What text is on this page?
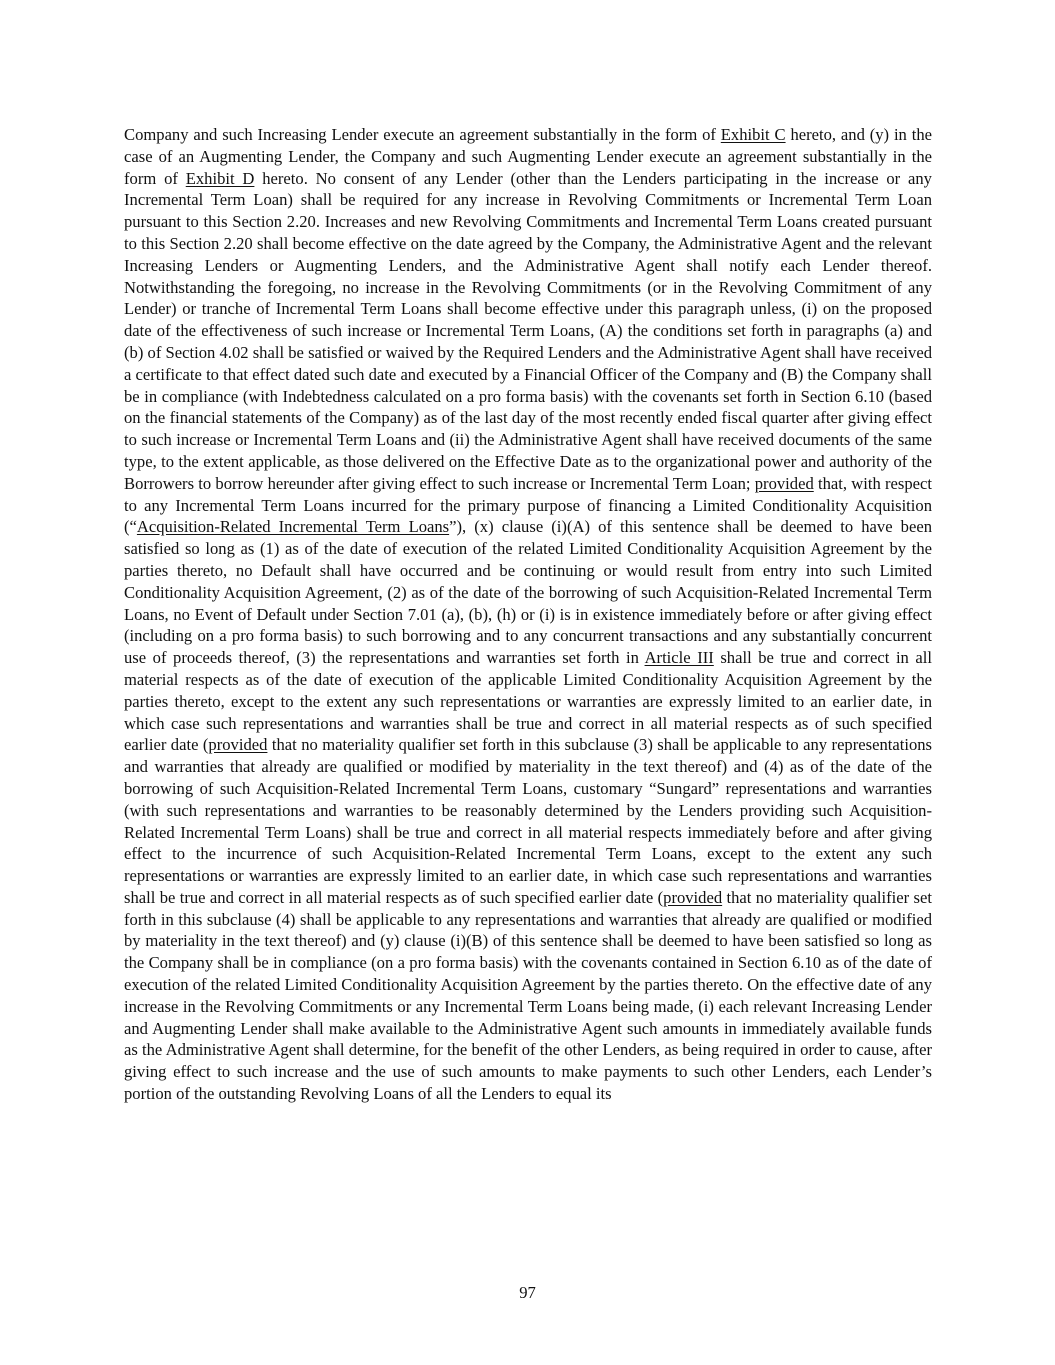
Company and such Increasing Lender execute an agreement substantially in the form of Exhibit C hereto, and (y) in the case of an Augmenting Lender, the Company and such Augmenting Lender execute an agreement substantially in the form of Exhibit D hereto. No consent of any Lender (other than the Lenders participating in the increase or any Incremental Term Loan) shall be required for any increase in Revolving Commitments or Incremental Term Loan pursuant to this Section 2.20. Increases and new Revolving Commitments and Incremental Term Loans created pursuant to this Section 2.20 shall become effective on the date agreed by the Company, the Administrative Agent and the relevant Increasing Lenders or Augmenting Lenders, and the Administrative Agent shall notify each Lender thereof. Notwithstanding the foregoing, no increase in the Revolving Commitments (or in the Revolving Commitment of any Lender) or tranche of Incremental Term Loans shall become effective under this paragraph unless, (i) on the proposed date of the effectiveness of such increase or Incremental Term Loans, (A) the conditions set forth in paragraphs (a) and (b) of Section 4.02 shall be satisfied or waived by the Required Lenders and the Administrative Agent shall have received a certificate to that effect dated such date and executed by a Financial Officer of the Company and (B) the Company shall be in compliance (with Indebtedness calculated on a pro forma basis) with the covenants set forth in Section 6.10 (based on the financial statements of the Company) as of the last day of the most recently ended fiscal quarter after giving effect to such increase or Incremental Term Loans and (ii) the Administrative Agent shall have received documents of the same type, to the extent applicable, as those delivered on the Effective Date as to the organizational power and authority of the Borrowers to borrow hereunder after giving effect to such increase or Incremental Term Loan; provided that, with respect to any Incremental Term Loans incurred for the primary purpose of financing a Limited Conditionality Acquisition (“Acquisition-Related Incremental Term Loans”), (x) clause (i)(A) of this sentence shall be deemed to have been satisfied so long as (1) as of the date of execution of the related Limited Conditionality Acquisition Agreement by the parties thereto, no Default shall have occurred and be continuing or would result from entry into such Limited Conditionality Acquisition Agreement, (2) as of the date of the borrowing of such Acquisition-Related Incremental Term Loans, no Event of Default under Section 7.01 (a), (b), (h) or (i) is in existence immediately before or after giving effect (including on a pro forma basis) to such borrowing and to any concurrent transactions and any substantially concurrent use of proceeds thereof, (3) the representations and warranties set forth in Article III shall be true and correct in all material respects as of the date of execution of the applicable Limited Conditionality Acquisition Agreement by the parties thereto, except to the extent any such representations or warranties are expressly limited to an earlier date, in which case such representations and warranties shall be true and correct in all material respects as of such specified earlier date (provided that no materiality qualifier set forth in this subclause (3) shall be applicable to any representations and warranties that already are qualified or modified by materiality in the text thereof) and (4) as of the date of the borrowing of such Acquisition-Related Incremental Term Loans, customary “Sungard” representations and warranties (with such representations and warranties to be reasonably determined by the Lenders providing such Acquisition-Related Incremental Term Loans) shall be true and correct in all material respects immediately before and after giving effect to the incurrence of such Acquisition-Related Incremental Term Loans, except to the extent any such representations or warranties are expressly limited to an earlier date, in which case such representations and warranties shall be true and correct in all material respects as of such specified earlier date (provided that no materiality qualifier set forth in this subclause (4) shall be applicable to any representations and warranties that already are qualified or modified by materiality in the text thereof) and (y) clause (i)(B) of this sentence shall be deemed to have been satisfied so long as the Company shall be in compliance (on a pro forma basis) with the covenants contained in Section 6.10 as of the date of execution of the related Limited Conditionality Acquisition Agreement by the parties thereto. On the effective date of any increase in the Revolving Commitments or any Incremental Term Loans being made, (i) each relevant Increasing Lender and Augmenting Lender shall make available to the Administrative Agent such amounts in immediately available funds as the Administrative Agent shall determine, for the benefit of the other Lenders, as being required in order to cause, after giving effect to such increase and the use of such amounts to make payments to such other Lenders, each Lender’s portion of the outstanding Revolving Loans of all the Lenders to equal its

97
